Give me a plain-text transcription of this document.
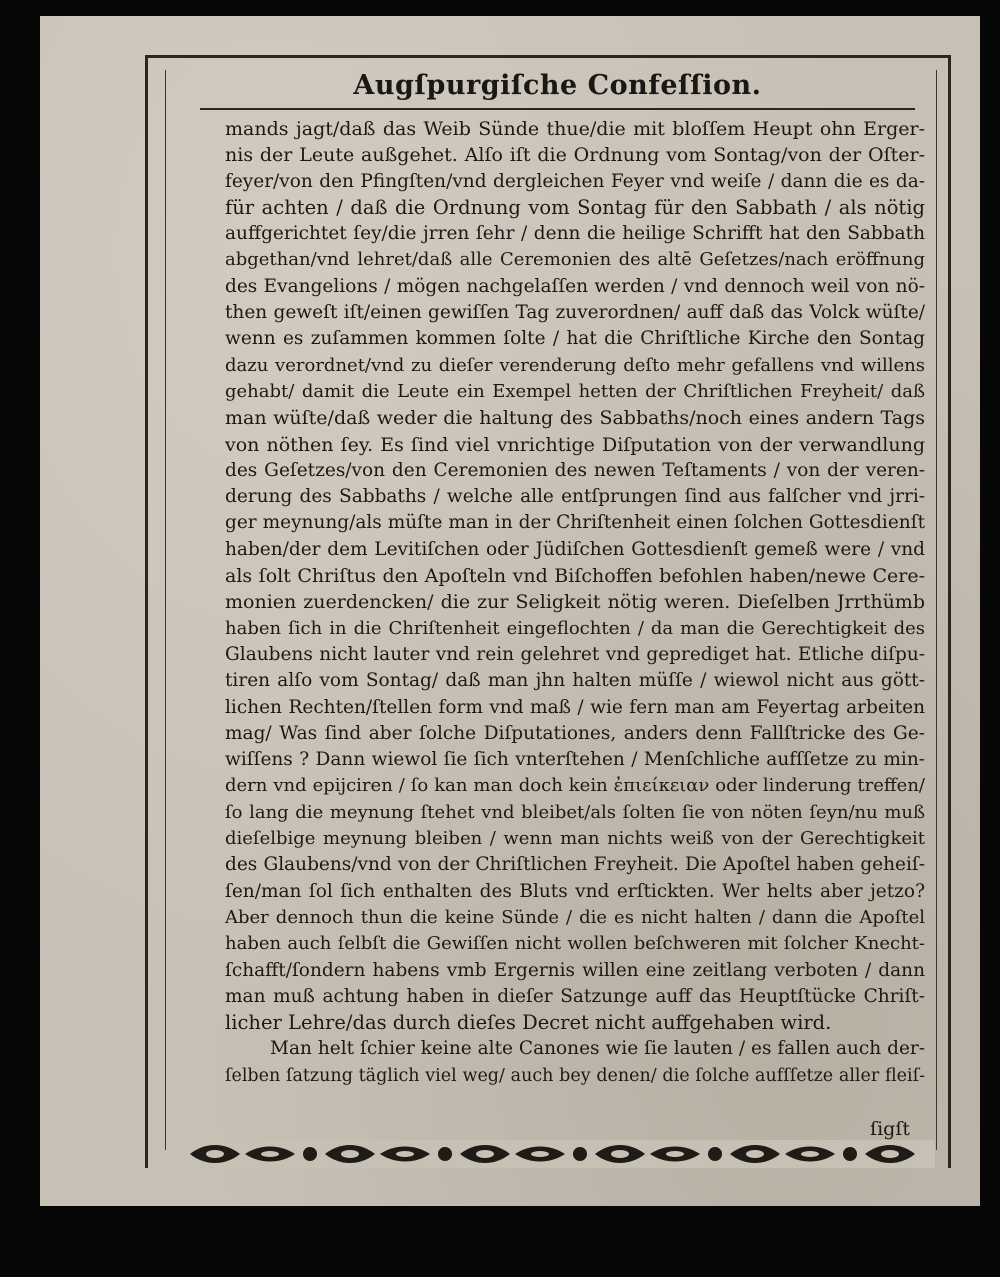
Augſpurgiſche Confeſſion.
mands jagt/daß das Weib Sünde thue/die mit bloſſem Heupt ohn Erger-
nis der Leute außgehet. Alſo iſt die Ordnung vom Sontag/von der Oſter-
feyer/von den Pfingſten/vnd dergleichen Feyer vnd weiſe / dann die es da-
für achten / daß die Ordnung vom Sontag für den Sabbath / als nötig
auffgerichtet ſey/die jrren ſehr / denn die heilige Schrifft hat den Sabbath
abgethan/vnd lehret/daß alle Ceremonien des altē Geſetzes/nach eröffnung
des Evangelions / mögen nachgelaſſen werden / vnd dennoch weil von nö-
then geweſt iſt/einen gewiſſen Tag zuverordnen/ auff daß das Volck wüſte/
wenn es zuſammen kommen ſolte / hat die Chriſtliche Kirche den Sontag
dazu verordnet/vnd zu dieſer verenderung deſto mehr gefallens vnd willens
gehabt/ damit die Leute ein Exempel hetten der Chriſtlichen Freyheit/ daß
man wüſte/daß weder die haltung des Sabbaths/noch eines andern Tags
von nöthen ſey. Es ſind viel vnrichtige Diſputation von der verwandlung
des Geſetzes/von den Ceremonien des newen Teſtaments / von der veren-
derung des Sabbaths / welche alle entſprungen ſind aus falſcher vnd jrri-
ger meynung/als müſte man in der Chriſtenheit einen ſolchen Gottesdienſt
haben/der dem Levitiſchen oder Jüdiſchen Gottesdienſt gemeß were / vnd
als ſolt Chriſtus den Apoſteln vnd Biſchoffen befohlen haben/newe Cere-
monien zuerdencken/ die zur Seligkeit nötig weren. Dieſelben Jrrthümb
haben ſich in die Chriſtenheit eingeflochten / da man die Gerechtigkeit des
Glaubens nicht lauter vnd rein gelehret vnd geprediget hat. Etliche diſpu-
tiren alſo vom Sontag/ daß man jhn halten müſſe / wiewol nicht aus gött-
lichen Rechten/ſtellen form vnd maß / wie fern man am Feyertag arbeiten
mag/ Was ſind aber ſolche Diſputationes, anders denn Fallſtricke des Ge-
wiſſens ? Dann wiewol ſie ſich vnterſtehen / Menſchliche aufſſetze zu min-
dern vnd epijciren / ſo kan man doch kein ἐπιείκειαν oder linderung treffen/
ſo lang die meynung ſtehet vnd bleibet/als ſolten ſie von nöten ſeyn/nu muß
dieſelbige meynung bleiben / wenn man nichts weiß von der Gerechtigkeit
des Glaubens/vnd von der Chriſtlichen Freyheit. Die Apoſtel haben geheiſ-
ſen/man ſol ſich enthalten des Bluts vnd erſtickten. Wer helts aber jetzo?
Aber dennoch thun die keine Sünde / die es nicht halten / dann die Apoſtel
haben auch ſelbſt die Gewiſſen nicht wollen beſchweren mit ſolcher Knecht-
ſchafft/ſondern habens vmb Ergernis willen eine zeitlang verboten / dann
man muß achtung haben in dieſer Satzunge auff das Heuptſtücke Chriſt-
licher Lehre/das durch dieſes Decret nicht auffgehaben wird.
Man helt ſchier keine alte Canones wie ſie lauten / es fallen auch der-
ſelben ſatzung täglich viel weg/ auch bey denen/ die ſolche aufſſetze aller fleiſ-
ſigſt
